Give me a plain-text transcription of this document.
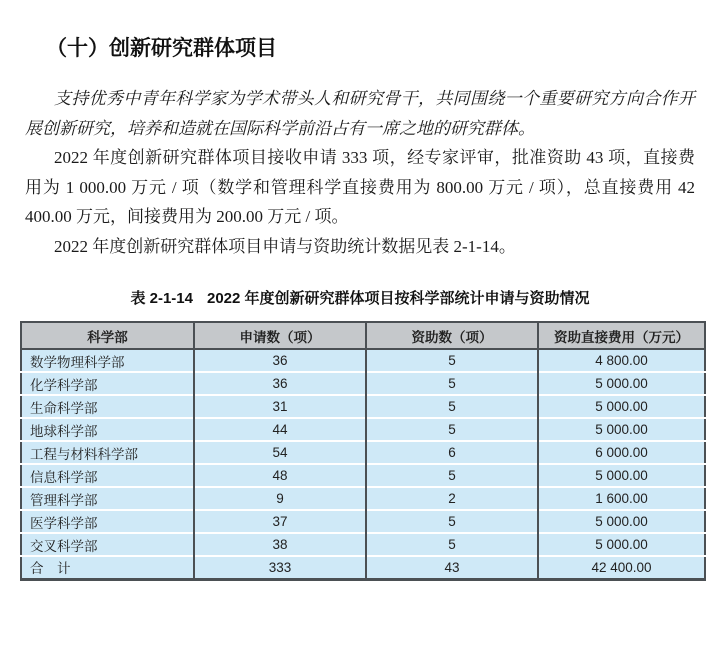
（十）创新研究群体项目

支持优秀中青年科学家为学术带头人和研究骨干，共同围绕一个重要研究方向合作开展创新研究，培养和造就在国际科学前沿占有一席之地的研究群体。

2022 年度创新研究群体项目接收申请 333 项，经专家评审，批准资助 43 项，直接费用为 1 000.00 万元 / 项（数学和管理科学直接费用为 800.00 万元 / 项），总直接费用 42 400.00 万元，间接费用为 200.00 万元 / 项。

2022 年度创新研究群体项目申请与资助统计数据见表 2-1-14。

表 2-1-14 2022 年度创新研究群体项目按科学部统计申请与资助情况
科学部	申请数（项）	资助数（项）	资助直接费用（万元）
数学物理科学部	36	5	4 800.00
化学科学部	36	5	5 000.00
生命科学部	31	5	5 000.00
地球科学部	44	5	5 000.00
工程与材料科学部	54	6	6 000.00
信息科学部	48	5	5 000.00
管理科学部	9	2	1 600.00
医学科学部	37	5	5 000.00
交叉科学部	38	5	5 000.00
合　计	333	43	42 400.00
